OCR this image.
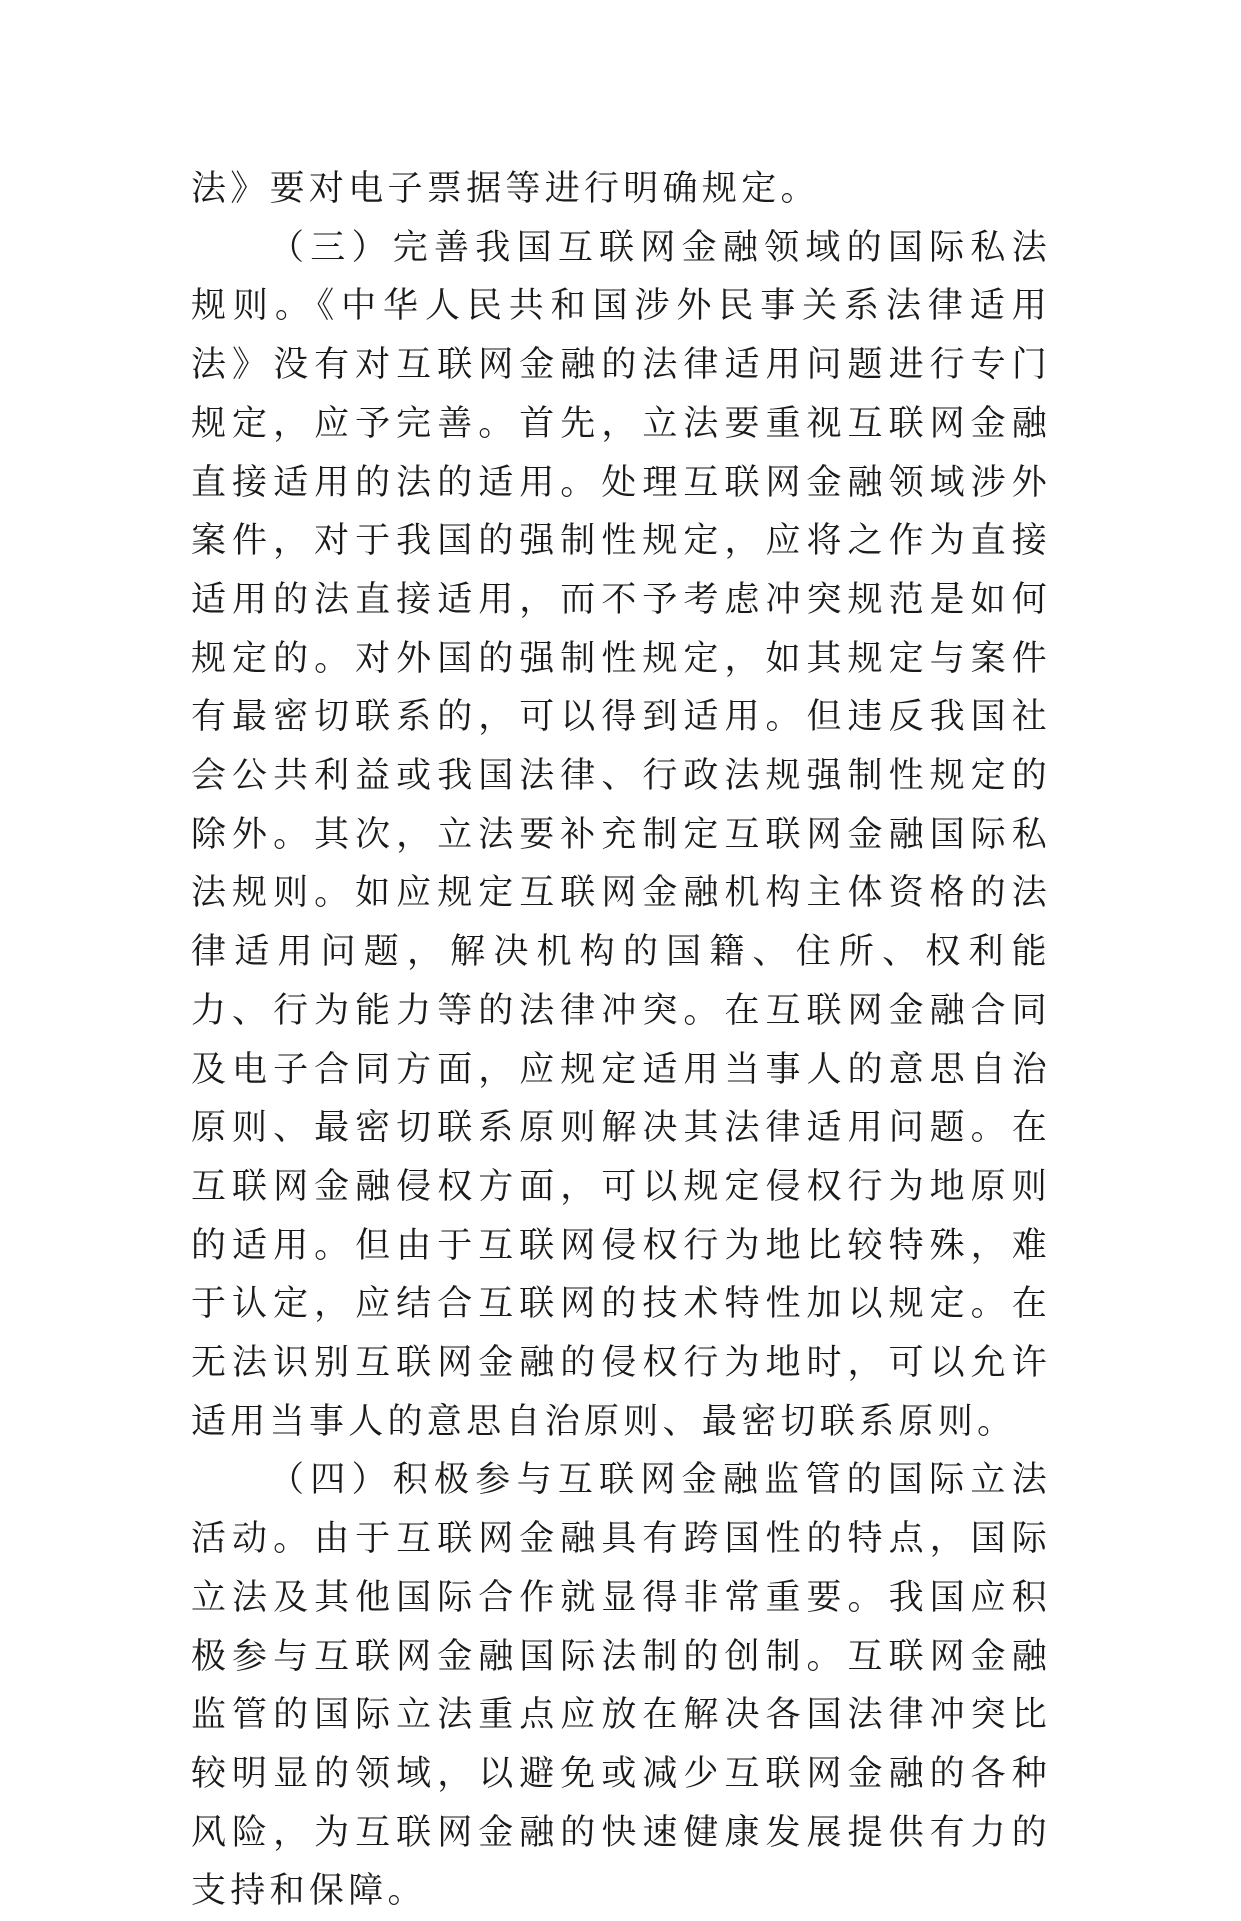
法》要对电子票据等进行明确规定。

（三）完善我国互联网金融领域的国际私法规则。《中华人民共和国涉外民事关系法律适用法》没有对互联网金融的法律适用问题进行专门规定，应予完善。首先，立法要重视互联网金融直接适用的法的适用。处理互联网金融领域涉外案件，对于我国的强制性规定，应将之作为直接适用的法直接适用，而不予考虑冲突规范是如何规定的。对外国的强制性规定，如其规定与案件有最密切联系的，可以得到适用。但违反我国社会公共利益或我国法律、行政法规强制性规定的除外。其次，立法要补充制定互联网金融国际私法规则。如应规定互联网金融机构主体资格的法律适用问题，解决机构的国籍、住所、权利能力、行为能力等的法律冲突。在互联网金融合同及电子合同方面，应规定适用当事人的意思自治原则、最密切联系原则解决其法律适用问题。在互联网金融侵权方面，可以规定侵权行为地原则的适用。但由于互联网侵权行为地比较特殊，难于认定，应结合互联网的技术特性加以规定。在无法识别互联网金融的侵权行为地时，可以允许适用当事人的意思自治原则、最密切联系原则。

（四）积极参与互联网金融监管的国际立法活动。由于互联网金融具有跨国性的特点，国际立法及其他国际合作就显得非常重要。我国应积极参与互联网金融国际法制的创制。互联网金融监管的国际立法重点应放在解决各国法律冲突比较明显的领域，以避免或减少互联网金融的各种风险，为互联网金融的快速健康发展提供有力的支持和保障。
